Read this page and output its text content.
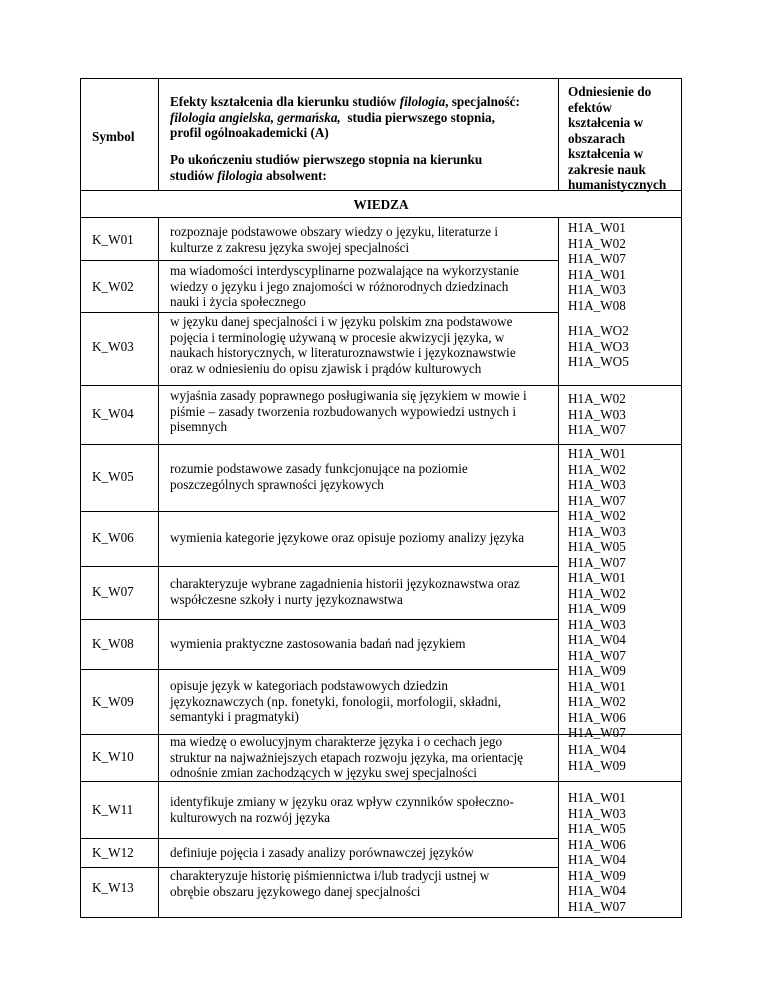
Symbol
Efekty kształcenia dla kierunku studiów filologia, specjalność:
filologia angielska, germańska,  studia pierwszego stopnia,
profil ogólnoakademicki (A)
Po ukończeniu studiów pierwszego stopnia na kierunku
studiów filologia absolwent:
Odniesienie do
efektów
kształcenia w
obszarach
kształcenia w
zakresie nauk
humanistycznych
WIEDZA
K_W01
K_W02
K_W03
K_W04
K_W05
K_W06
K_W07
K_W08
K_W09
K_W10
K_W11
K_W12
K_W13
rozpoznaje podstawowe obszary wiedzy o języku, literaturze i
kulturze z zakresu języka swojej specjalności
ma wiadomości interdyscyplinarne pozwalające na wykorzystanie
wiedzy o języku i jego znajomości w różnorodnych dziedzinach
nauki i życia społecznego
w języku danej specjalności i w języku polskim zna podstawowe
pojęcia i terminologię używaną w procesie akwizycji języka, w
naukach historycznych, w literaturoznawstwie i językoznawstwie
oraz w odniesieniu do opisu zjawisk i prądów kulturowych
wyjaśnia zasady poprawnego posługiwania się językiem w mowie i
piśmie – zasady tworzenia rozbudowanych wypowiedzi ustnych i
pisemnych
rozumie podstawowe zasady funkcjonujące na poziomie
poszczególnych sprawności językowych
wymienia kategorie językowe oraz opisuje poziomy analizy języka
charakteryzuje wybrane zagadnienia historii językoznawstwa oraz
współczesne szkoły i nurty językoznawstwa
wymienia praktyczne zastosowania badań nad językiem
opisuje język w kategoriach podstawowych dziedzin
językoznawczych (np. fonetyki, fonologii, morfologii, składni,
semantyki i pragmatyki)
ma wiedzę o ewolucyjnym charakterze języka i o cechach jego
struktur na najważniejszych etapach rozwoju języka, ma orientację
odnośnie zmian zachodzących w języku swej specjalności
identyfikuje zmiany w języku oraz wpływ czynników społeczno-
kulturowych na rozwój języka
definiuje pojęcia i zasady analizy porównawczej języków
charakteryzuje historię piśmiennictwa i/lub tradycji ustnej w
obrębie obszaru językowego danej specjalności
H1A_W01
H1A_W02
H1A_W07
H1A_W01
H1A_W03
H1A_W08
H1A_WO2
H1A_WO3
H1A_WO5
H1A_W02
H1A_W03
H1A_W07
H1A_W01
H1A_W02
H1A_W03
H1A_W07
H1A_W02
H1A_W03
H1A_W05
H1A_W07
H1A_W01
H1A_W02
H1A_W09
H1A_W03
H1A_W04
H1A_W07
H1A_W09
H1A_W01
H1A_W02
H1A_W06
H1A_W07
H1A_W04
H1A_W09
H1A_W01
H1A_W03
H1A_W05
H1A_W06
H1A_W04
H1A_W09
H1A_W04
H1A_W07
